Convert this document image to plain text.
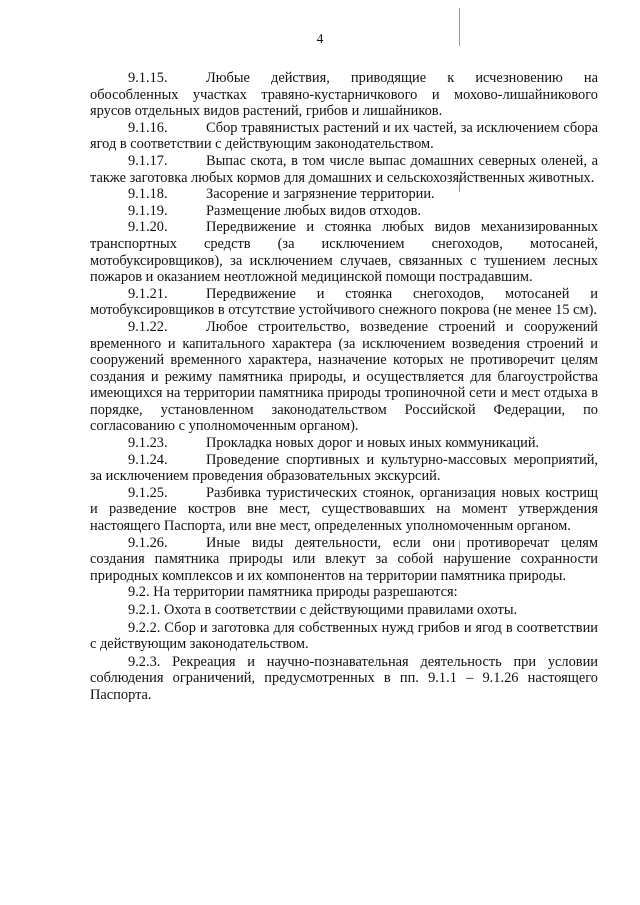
4

9.1.15.	Любые действия, приводящие к исчезновению на обособленных участках травяно-кустарничкового и мохово-лишайникового ярусов отдельных видов растений, грибов и лишайников.

9.1.16.	Сбор травянистых растений и их частей, за исключением сбора ягод в соответствии с действующим законодательством.

9.1.17.	Выпас скота, в том числе выпас домашних северных оленей, а также заготовка любых кормов для домашних и сельскохозяйственных животных.

9.1.18.	Засорение и загрязнение территории.

9.1.19.	Размещение любых видов отходов.

9.1.20.	Передвижение и стоянка любых видов механизированных транспортных средств (за исключением снегоходов, мотосаней, мотобуксировщиков), за исключением случаев, связанных с тушением лесных пожаров и оказанием неотложной медицинской помощи пострадавшим.

9.1.21.	Передвижение и стоянка снегоходов, мотосаней и мотобуксировщиков в отсутствие устойчивого снежного покрова (не менее 15 см).

9.1.22.	Любое строительство, возведение строений и сооружений временного и капитального характера (за исключением возведения строений и сооружений временного характера, назначение которых не противоречит целям создания и режиму памятника природы, и осуществляется для благоустройства имеющихся на территории памятника природы тропиночной сети и мест отдыха в порядке, установленном законодательством Российской Федерации, по согласованию с уполномоченным органом).

9.1.23.	Прокладка новых дорог и новых иных коммуникаций.

9.1.24.	Проведение спортивных и культурно-массовых мероприятий, за исключением проведения образовательных экскурсий.

9.1.25.	Разбивка туристических стоянок, организация новых кострищ и разведение костров вне мест, существовавших на момент утверждения настоящего Паспорта, или вне мест, определенных уполномоченным органом.

9.1.26.	Иные виды деятельности, если они противоречат целям создания памятника природы или влекут за собой нарушение сохранности природных комплексов и их компонентов на территории памятника природы.

9.2. На территории памятника природы разрешаются:

9.2.1. Охота в соответствии с действующими правилами охоты.

9.2.2. Сбор и заготовка для собственных нужд грибов и ягод в соответствии с действующим законодательством.

9.2.3. Рекреация и научно-познавательная деятельность при условии соблюдения ограничений, предусмотренных в пп. 9.1.1 – 9.1.26 настоящего Паспорта.
